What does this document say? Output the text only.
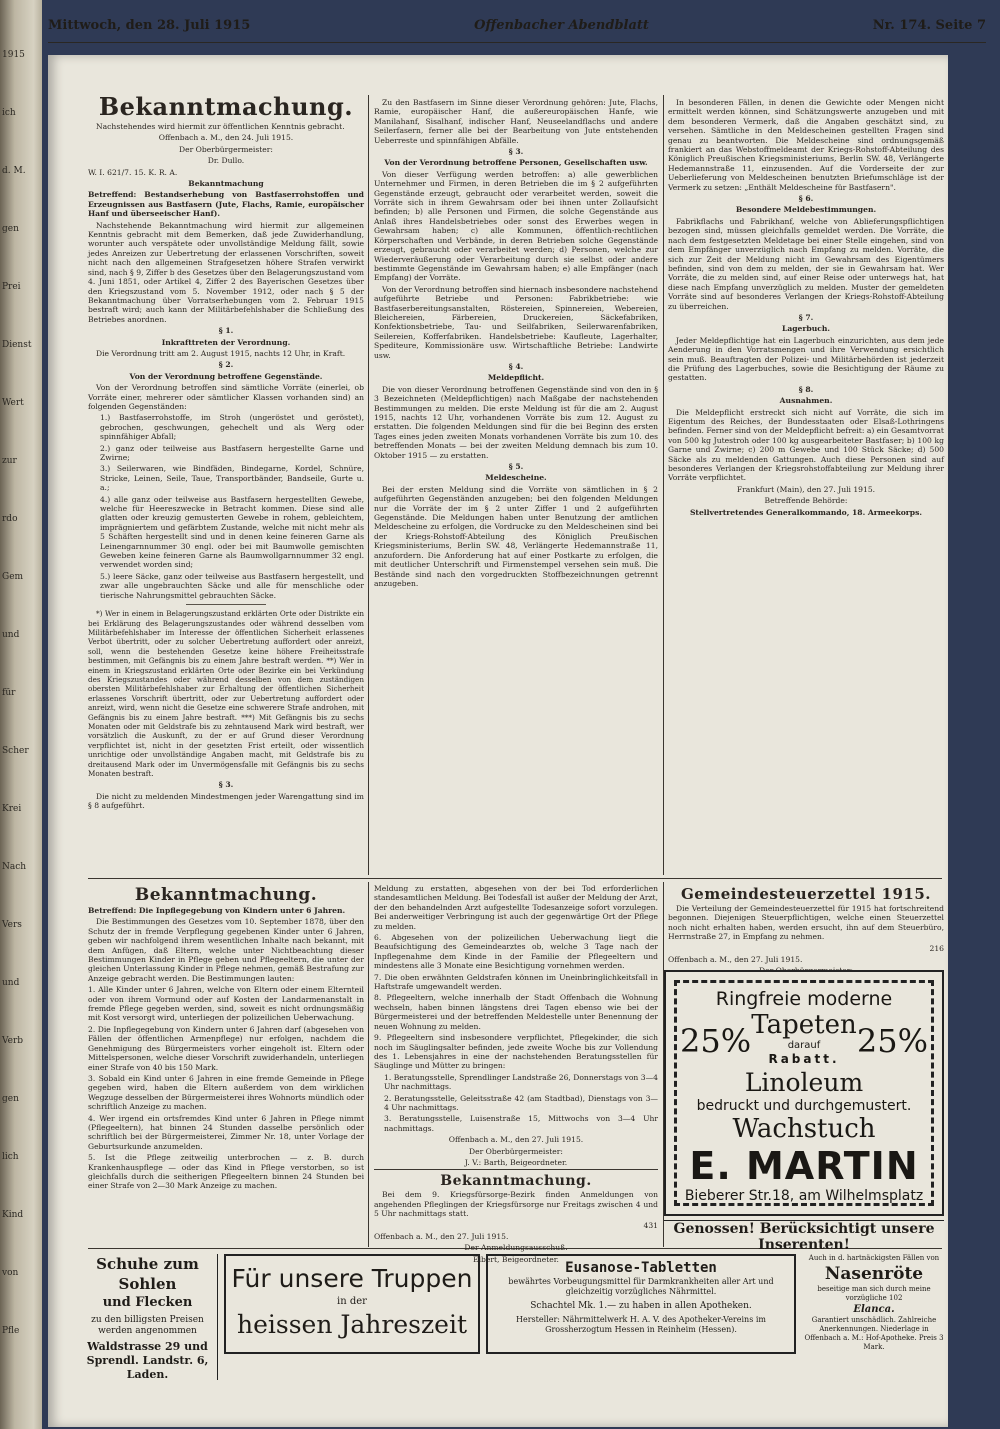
1915
ich
d. M.
gen
Prei
Dienst
Wert
zur
rdo
Gem
und
für
Scher
Krei
Nach
Vers
und
Verb
gen
lich
Kind
von
Pfle
Mittwoch, den 28. Juli 1915	Offenbacher Abendblatt	Nr. 174. Seite 7
Bekanntmachung.

Nachstehendes wird hiermit zur öffentlichen Kenntnis gebracht.

Offenbach a. M., den 24. Juli 1915.

Der Oberbürgermeister:

Dr. Dullo.

W. I. 621/7. 15. K. R. A.

Bekanntmachung

Betreffend: Bestandserhebung von Bastfaserrohstoffen und Erzeugnissen aus Bastfasern (Jute, Flachs, Ramie, europäischer Hanf und überseeischer Hanf).

Nachstehende Bekanntmachung wird hiermit zur allgemeinen Kenntnis gebracht mit dem Bemerken, daß jede Zuwiderhandlung, worunter auch verspätete oder unvollständige Meldung fällt, sowie jedes Anreizen zur Uebertretung der erlassenen Vorschriften, soweit nicht nach den allgemeinen Strafgesetzen höhere Strafen verwirkt sind, nach § 9, Ziffer b des Gesetzes über den Belagerungszustand vom 4. Juni 1851, oder Artikel 4, Ziffer 2 des Bayerischen Gesetzes über den Kriegszustand vom 5. November 1912, oder nach § 5 der Bekanntmachung über Vorratserhebungen vom 2. Februar 1915 bestraft wird; auch kann der Militärbefehlshaber die Schließung des Betriebes anordnen.

§ 1.

Inkrafttreten der Verordnung.

Die Verordnung tritt am 2. August 1915, nachts 12 Uhr, in Kraft.

§ 2.

Von der Verordnung betroffene Gegenstände.

Von der Verordnung betroffen sind sämtliche Vorräte (einerlei, ob Vorräte einer, mehrerer oder sämtlicher Klassen vorhanden sind) an folgenden Gegenständen:

1.) Bastfaserrohstoffe, im Stroh (ungeröstet und geröstet), gebrochen, geschwungen, gehechelt und als Werg oder spinnfähiger Abfall;

2.) ganz oder teilweise aus Bastfasern hergestellte Garne und Zwirne;

3.) Seilerwaren, wie Bindfäden, Bindegarne, Kordel, Schnüre, Stricke, Leinen, Seile, Taue, Transportbänder, Bandseile, Gurte u. a.;

4.) alle ganz oder teilweise aus Bastfasern hergestellten Gewebe, welche für Heereszwecke in Betracht kommen. Diese sind alle glatten oder kreuzig gemusterten Gewebe in rohem, gebleichtem, imprägniertem und gefärbtem Zustande, welche mit nicht mehr als 5 Schäften hergestellt sind und in denen keine feineren Garne als Leinengarnnummer 30 engl. oder bei mit Baumwolle gemischten Geweben keine feineren Garne als Baumwollgarnnummer 32 engl. verwendet worden sind;

5.) leere Säcke, ganz oder teilweise aus Bastfasern hergestellt, und zwar alle ungebrauchten Säcke und alle für menschliche oder tierische Nahrungsmittel gebrauchten Säcke.

*) Wer in einem in Belagerungszustand erklärten Orte oder Distrikte ein bei Erklärung des Belagerungszustandes oder während desselben vom Militärbefehlshaber im Interesse der öffentlichen Sicherheit erlassenes Verbot übertritt, oder zu solcher Uebertretung auffordert oder anreizt, soll, wenn die bestehenden Gesetze keine höhere Freiheitsstrafe bestimmen, mit Gefängnis bis zu einem Jahre bestraft werden. **) Wer in einem in Kriegszustand erklärten Orte oder Bezirke ein bei Verkündung des Kriegszustandes oder während desselben von dem zuständigen obersten Militärbefehlshaber zur Erhaltung der öffentlichen Sicherheit erlassenes Vorschrift übertritt, oder zur Uebertretung auffordert oder anreizt, wird, wenn nicht die Gesetze eine schwerere Strafe androhen, mit Gefängnis bis zu einem Jahre bestraft. ***) Mit Gefängnis bis zu sechs Monaten oder mit Geldstrafe bis zu zehntausend Mark wird bestraft, wer vorsätzlich die Auskunft, zu der er auf Grund dieser Verordnung verpflichtet ist, nicht in der gesetzten Frist erteilt, oder wissentlich unrichtige oder unvollständige Angaben macht, mit Geldstrafe bis zu dreitausend Mark oder im Unvermögensfalle mit Gefängnis bis zu sechs Monaten bestraft.

§ 3.

Die nicht zu meldenden Mindestmengen jeder Warengattung sind im § 8 aufgeführt.

Zu den Bastfasern im Sinne dieser Verordnung gehören: Jute, Flachs, Ramie, europäischer Hanf, die außereuropäischen Hanfe, wie Manilahanf, Sisalhanf, indischer Hanf, Neuseelandflachs und andere Seilerfasern, ferner alle bei der Bearbeitung von Jute entstehenden Ueberreste und spinnfähigen Abfälle.

§ 3.

Von der Verordnung betroffene Personen, Gesellschaften usw.

Von dieser Verfügung werden betroffen: a) alle gewerblichen Unternehmer und Firmen, in deren Betrieben die im § 2 aufgeführten Gegenstände erzeugt, gebraucht oder verarbeitet werden, soweit die Vorräte sich in ihrem Gewahrsam oder bei ihnen unter Zollaufsicht befinden; b) alle Personen und Firmen, die solche Gegenstände aus Anlaß ihres Handelsbetriebes oder sonst des Erwerbes wegen in Gewahrsam haben; c) alle Kommunen, öffentlich-rechtlichen Körperschaften und Verbände, in deren Betrieben solche Gegenstände erzeugt, gebraucht oder verarbeitet werden; d) Personen, welche zur Wiederveräußerung oder Verarbeitung durch sie selbst oder andere bestimmte Gegenstände im Gewahrsam haben; e) alle Empfänger (nach Empfang) der Vorräte.

Von der Verordnung betroffen sind hiernach insbesondere nachstehend aufgeführte Betriebe und Personen: Fabrikbetriebe: wie Bastfaserbereitungsanstalten, Röstereien, Spinnereien, Webereien, Bleichereien, Färbereien, Druckereien, Säckefabriken, Konfektionsbetriebe, Tau- und Seilfabriken, Seilerwarenfabriken, Seilereien, Kofferfabriken. Handelsbetriebe: Kaufleute, Lagerhalter, Spediteure, Kommissionäre usw. Wirtschaftliche Betriebe: Landwirte usw.

§ 4.

Meldepflicht.

Die von dieser Verordnung betroffenen Gegenstände sind von den in § 3 Bezeichneten (Meldepflichtigen) nach Maßgabe der nachstehenden Bestimmungen zu melden. Die erste Meldung ist für die am 2. August 1915, nachts 12 Uhr, vorhandenen Vorräte bis zum 12. August zu erstatten. Die folgenden Meldungen sind für die bei Beginn des ersten Tages eines jeden zweiten Monats vorhandenen Vorräte bis zum 10. des betreffenden Monats — bei der zweiten Meldung demnach bis zum 10. Oktober 1915 — zu erstatten.

§ 5.

Meldescheine.

Bei der ersten Meldung sind die Vorräte von sämtlichen in § 2 aufgeführten Gegenständen anzugeben; bei den folgenden Meldungen nur die Vorräte der im § 2 unter Ziffer 1 und 2 aufgeführten Gegenstände. Die Meldungen haben unter Benutzung der amtlichen Meldescheine zu erfolgen, die Vordrucke zu den Meldescheinen sind bei der Kriegs-Rohstoff-Abteilung des Königlich Preußischen Kriegsministeriums, Berlin SW. 48, Verlängerte Hedemannstraße 11, anzufordern. Die Anforderung hat auf einer Postkarte zu erfolgen, die mit deutlicher Unterschrift und Firmenstempel versehen sein muß. Die Bestände sind nach den vorgedruckten Stoffbezeichnungen getrennt anzugeben.

In besonderen Fällen, in denen die Gewichte oder Mengen nicht ermittelt werden können, sind Schätzungswerte anzugeben und mit dem besonderen Vermerk, daß die Angaben geschätzt sind, zu versehen. Sämtliche in den Meldescheinen gestellten Fragen sind genau zu beantworten. Die Meldescheine sind ordnungsgemäß frankiert an das Webstoffmeldeamt der Kriegs-Rohstoff-Abteilung des Königlich Preußischen Kriegsministeriums, Berlin SW. 48, Verlängerte Hedemannstraße 11, einzusenden. Auf die Vorderseite der zur Ueberlieferung von Meldescheinen benutzten Briefumschläge ist der Vermerk zu setzen: „Enthält Meldescheine für Bastfasern".

§ 6.

Besondere Meldebestimmungen.

Fabrikflachs und Fabrikhanf, welche von Ablieferungspflichtigen bezogen sind, müssen gleichfalls gemeldet werden. Die Vorräte, die nach dem festgesetzten Meldetage bei einer Stelle eingehen, sind von dem Empfänger unverzüglich nach Empfang zu melden. Vorräte, die sich zur Zeit der Meldung nicht im Gewahrsam des Eigentümers befinden, sind von dem zu melden, der sie in Gewahrsam hat. Wer Vorräte, die zu melden sind, auf einer Reise oder unterwegs hat, hat diese nach Empfang unverzüglich zu melden. Muster der gemeldeten Vorräte sind auf besonderes Verlangen der Kriegs-Rohstoff-Abteilung zu überreichen.

§ 7.

Lagerbuch.

Jeder Meldepflichtige hat ein Lagerbuch einzurichten, aus dem jede Aenderung in den Vorratsmengen und ihre Verwendung ersichtlich sein muß. Beauftragten der Polizei- und Militärbehörden ist jederzeit die Prüfung des Lagerbuches, sowie die Besichtigung der Räume zu gestatten.

§ 8.

Ausnahmen.

Die Meldepflicht erstreckt sich nicht auf Vorräte, die sich im Eigentum des Reiches, der Bundesstaaten oder Elsaß-Lothringens befinden. Ferner sind von der Meldepflicht befreit: a) ein Gesamtvorrat von 500 kg Jutestroh oder 100 kg ausgearbeiteter Bastfaser; b) 100 kg Garne und Zwirne; c) 200 m Gewebe und 100 Stück Säcke; d) 500 Säcke als zu meldenden Gattungen. Auch diese Personen sind auf besonderes Verlangen der Kriegsrohstoffabteilung zur Meldung ihrer Vorräte verpflichtet.

Frankfurt (Main), den 27. Juli 1915.

Betreffende Behörde:

Stellvertretendes Generalkommando, 18. Armeekorps.

Bekanntmachung.

Betreffend: Die Inpflegegebung von Kindern unter 6 Jahren.

Die Bestimmungen des Gesetzes vom 10. September 1878, über den Schutz der in fremde Verpflegung gegebenen Kinder unter 6 Jahren, geben wir nachfolgend ihrem wesentlichen Inhalte nach bekannt, mit dem Anfügen, daß Eltern, welche unter Nichtbeachtung dieser Bestimmungen Kinder in Pflege geben und Pflegeeltern, die unter der gleichen Unterlassung Kinder in Pflege nehmen, gemäß Bestrafung zur Anzeige gebracht werden. Die Bestimmungen lauten:

1. Alle Kinder unter 6 Jahren, welche von Eltern oder einem Elternteil oder von ihrem Vormund oder auf Kosten der Landarmenanstalt in fremde Pflege gegeben werden, sind, soweit es nicht ordnungsmäßig mit Kost versorgt wird, unterliegen der polizeilichen Ueberwachung.

2. Die Inpflegegebung von Kindern unter 6 Jahren darf (abgesehen von Fällen der öffentlichen Armenpflege) nur erfolgen, nachdem die Genehmigung des Bürgermeisters vorher eingeholt ist. Eltern oder Mittelspersonen, welche dieser Vorschrift zuwiderhandeln, unterliegen einer Strafe von 40 bis 150 Mark.

3. Sobald ein Kind unter 6 Jahren in eine fremde Gemeinde in Pflege gegeben wird, haben die Eltern außerdem von dem wirklichen Wegzuge desselben der Bürgermeisterei ihres Wohnorts mündlich oder schriftlich Anzeige zu machen.

4. Wer irgend ein ortsfremdes Kind unter 6 Jahren in Pflege nimmt (Pflegeeltern), hat binnen 24 Stunden dasselbe persönlich oder schriftlich bei der Bürgermeisterei, Zimmer Nr. 18, unter Vorlage der Geburtsurkunde anzumelden.

5. Ist die Pflege zeitweilig unterbrochen — z. B. durch Krankenhauspflege — oder das Kind in Pflege verstorben, so ist gleichfalls durch die seitherigen Pflegeeltern binnen 24 Stunden bei einer Strafe von 2—30 Mark Anzeige zu machen.

Meldung zu erstatten, abgesehen von der bei Tod erforderlichen standesamtlichen Meldung. Bei Todesfall ist außer der Meldung der Arzt, der den behandelnden Arzt aufgestellte Todesanzeige sofort vorzulegen. Bei anderweitiger Verbringung ist auch der gegenwärtige Ort der Pflege zu melden.

6. Abgesehen von der polizeilichen Ueberwachung liegt die Beaufsichtigung des Gemeindearztes ob, welche 3 Tage nach der Inpflegenahme dem Kinde in der Familie der Pflegeeltern und mindestens alle 3 Monate eine Besichtigung vornehmen werden.

7. Die oben erwähnten Geldstrafen können im Uneinbringlichkeitsfall in Haftstrafe umgewandelt werden.

8. Pflegeeltern, welche innerhalb der Stadt Offenbach die Wohnung wechseln, haben binnen längstens drei Tagen ebenso wie bei der Bürgermeisterei und der betreffenden Meldestelle unter Benennung der neuen Wohnung zu melden.

9. Pflegeeltern sind insbesondere verpflichtet, Pflegekinder, die sich noch im Säuglingsalter befinden, jede zweite Woche bis zur Vollendung des 1. Lebensjahres in eine der nachstehenden Beratungsstellen für Säuglinge und Mütter zu bringen:

1. Beratungsstelle, Sprendlinger Landstraße 26, Donnerstags von 3—4 Uhr nachmittags.

2. Beratungsstelle, Geleitsstraße 42 (am Stadtbad), Dienstags von 3—4 Uhr nachmittags.

3. Beratungsstelle, Luisenstraße 15, Mittwochs von 3—4 Uhr nachmittags.

Offenbach a. M., den 27. Juli 1915.

Der Oberbürgermeister:

J. V.: Barth, Beigeordneter.

Bekanntmachung.

Bei dem 9. Kriegsfürsorge-Bezirk finden Anmeldungen von angehenden Pfleglingen der Kriegsfürsorge nur Freitags zwischen 4 und 5 Uhr nachmittags statt.

431

Offenbach a. M., den 27. Juli 1915.

Der Anmeldungsausschuß.

Elbert, Beigeordneter.

Gemeindesteuerzettel 1915.

Die Verteilung der Gemeindesteuerzettel für 1915 hat fortschreitend begonnen. Diejenigen Steuerpflichtigen, welche einen Steuerzettel noch nicht erhalten haben, werden ersucht, ihn auf dem Steuerbüro, Herrnstraße 27, in Empfang zu nehmen.

216

Offenbach a. M., den 27. Juli 1915.

Ringfreie moderne
25% Tapeten
darauf
Rabatt. 25%
Linoleum
bedruckt und durchgemustert.
Wachstuch
E. MARTIN
Bieberer Str.18, am Wilhelmsplatz
Genossen! Berücksichtigt unsere Inserenten!
Schuhe zum Sohlen
und Flecken
zu den billigsten Preisen werden angenommen
Waldstrasse 29 und
Sprendl. Landstr. 6, Laden.
Für unsere Truppen
in der
heissen Jahreszeit
Eusanose-Tabletten
bewährtes Vorbeugungsmittel für Darmkrankheiten aller Art und gleichzeitig vorzügliches Nährmittel.
Schachtel Mk. 1.— zu haben in allen Apotheken.
Hersteller: Nährmittelwerk H. A. V. des Apotheker-Vereins im Grossherzogtum Hessen in Reinheim (Hessen).
Auch in d. hartnäckigsten Fällen von
Nasenröte
beseitige man sich durch meine vorzügliche 102
Elanca.
Garantiert unschädlich. Zahlreiche Anerkennungen. Niederlage in Offenbach a. M.: Hof-Apotheke. Preis 3 Mark.
